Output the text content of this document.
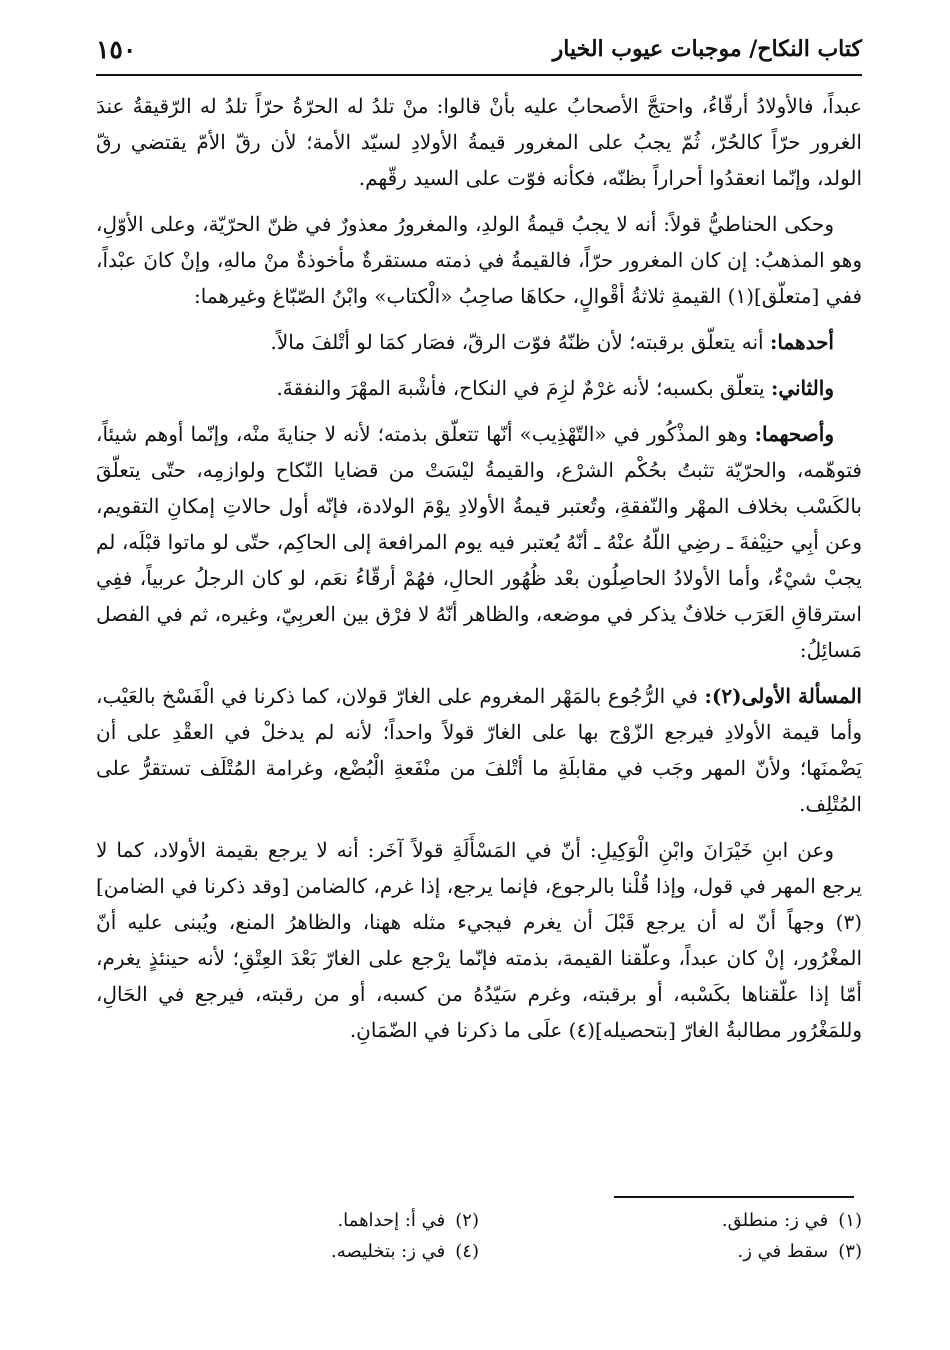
كتاب النكاح/ موجبات عيوب الخيار
١٥٠

عبداً، فالأولادُ أرقّاءُ، واحتجَّ الأصحابُ عليه بأنْ قالوا: منْ تلدُ له الحرّةُ حرّاً تلدُ له الرّقيقةُ عندَ الغرور حرّاً كالحُرّ، ثُمّ يجبُ على المغرور قيمةُ الأولادِ لسيّد الأمة؛ لأن رقّ الأمّ يقتضي رقّ الولد، وإنّما انعقدُوا أحراراً بظنّه، فكأنه فوّت على السيد رقّهم.

وحكى الحناطيُّ قولاً: أنه لا يجبُ قيمةُ الولدِ، والمغرورُ معذورٌ في ظنّ الحرّيّة، وعلى الأوّلِ، وهو المذهبُ: إن كان المغرور حرّاً، فالقيمةُ في ذمته مستقرةٌ مأخوذةٌ منْ مالهِ، وإنْ كانَ عبْداً، ففي [متعلّق](١) القيمةِ ثلاثةُ أقْوالٍ، حكاهَا صاحِبُ «الْكتاب» وابْنُ الصّبّاغ وغيرهما:

أحدهما: أنه يتعلّق برقبته؛ لأن ظنّهُ فوّت الرقّ، فصَار كمَا لو أتْلفَ مالاً.

والثاني: يتعلّق بكسبه؛ لأنه غرْمٌ لزِمَ في النكاح، فأشْبهَ المهْرَ والنفقةَ.

وأصحهما: وهو المذْكُور في «التّهْذِيب» أنّها تتعلّق بذمته؛ لأنه لا جنايةَ منْه، وإنّما أوهم شيئاً، فتوهّمه، والحرّيّة تثبتُ بحُكْم الشرْع، والقيمةُ ليْسَتْ من قضايا النّكاح ولوازمِه، حتّى يتعلّقَ بالكَسْب بخلاف المهْر والنّفقةِ، وتُعتبر قيمةُ الأولادِ يوْمَ الولادة، فإنّه أول حالاتِ إمكانِ التقويم، وعن أبِي حنِيْفةَ ـ رضِي اللّهُ عنْهُ ـ أنّهُ يُعتبر فيه يوم المرافعة إلى الحاكِم، حتّى لو ماتوا قبْلَه، لم يجبْ شيْءٌ، وأما الأولادُ الحاصِلُون بعْد ظُهُور الحالِ، فهُمْ أرقّاءُ نعَم، لو كان الرجلُ عربياً، ففِي استرقاقِ العَرَب خلافٌ يذكر في موضعه، والظاهر أنّهُ لا فرْق بين العربِيّ، وغيره، ثم في الفصل مَسائِلُ:

المسألة الأولى(٢): في الرُّجُوع بالمَهْر المغروم على الغارّ قولان، كما ذكرنا في الْفَسْخ بالعَيْب، وأما قيمة الأولادِ فيرجع الزّوْج بها على الغارّ قولاً واحداً؛ لأنه لم يدخلْ في العقْدِ على أن يَضْمنَها؛ ولأنّ المهر وجَب في مقابلَةِ ما أتْلفَ من منْفَعةِ الْبُضْع، وغرامة المُتْلَف تستقرُّ على المُتْلِف.

وعن ابنِ خَيْرَانَ وابْنِ الْوَكِيلِ: أنّ في المَسْأَلَةِ قولاً آخَر: أنه لا يرجع بقيمة الأولاد، كما لا يرجع المهر في قول، وإذا قُلْنا بالرجوع، فإنما يرجع، إذا غرم، كالضامن [وقد ذكرنا في الضامن](٣) وجهاً أنّ له أن يرجع قَبْلَ أن يغرم فيجيء مثله ههنا، والظاهرُ المنع، ويُبنى عليه أنّ المغْرُور، إنْ كان عبداً، وعلّقنا القيمة، بذمته فإنّما يرْجع على الغارّ بَعْدَ العِتْقِ؛ لأنه حينئذٍ يغرم، أمّا إذا علّقناها بكَسْبه، أو برقبته، وغرم سَيّدُهُ من كسبه، أو من رقبته، فيرجع في الحَالِ، وللمَغْرُور مطالبةُ الغارّ [بتحصيله](٤) علَى ما ذكرنا في الضّمَانِ.

(١)
في ز: منطلق.
(٢)
في أ: إحداهما.
(٣)
سقط في ز.
(٤)
في ز: بتخليصه.
